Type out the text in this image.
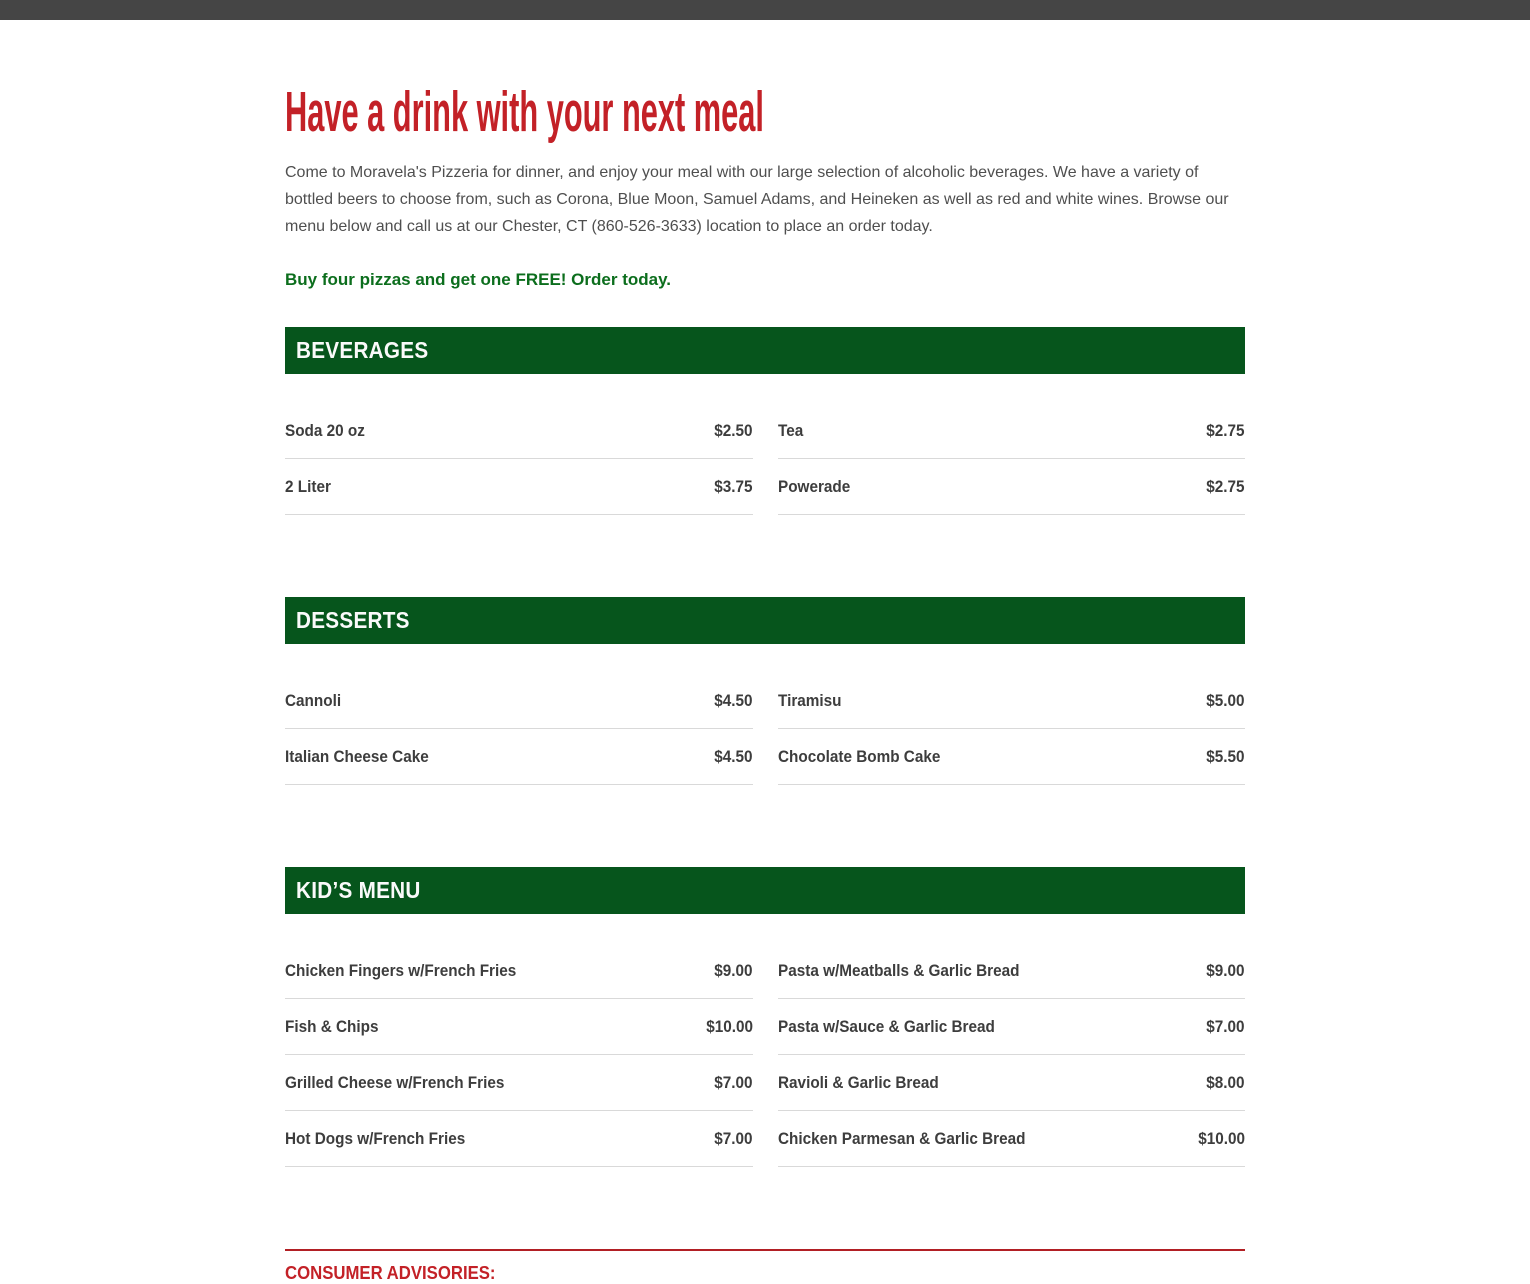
Have a drink with your next meal

Come to Moravela's Pizzeria for dinner, and enjoy your meal with our large selection of alcoholic beverages. We have a variety of bottled beers to choose from, such as Corona, Blue Moon, Samuel Adams, and Heineken as well as red and white wines. Browse our menu below and call us at our Chester, CT (860-526-3633) location to place an order today.

Buy four pizzas and get one FREE! Order today.

BEVERAGES
Soda 20 oz	$2.50
2 Liter	$3.75
Tea	$2.75
Powerade	$2.75
DESSERTS
Cannoli	$4.50
Italian Cheese Cake	$4.50
Tiramisu	$5.00
Chocolate Bomb Cake	$5.50
KID’S MENU
Chicken Fingers w/French Fries	$9.00
Fish & Chips	$10.00
Grilled Cheese w/French Fries	$7.00
Hot Dogs w/French Fries	$7.00
Pasta w/Meatballs & Garlic Bread	$9.00
Pasta w/Sauce & Garlic Bread	$7.00
Ravioli & Garlic Bread	$8.00
Chicken Parmesan & Garlic Bread	$10.00

CONSUMER ADVISORIES:
